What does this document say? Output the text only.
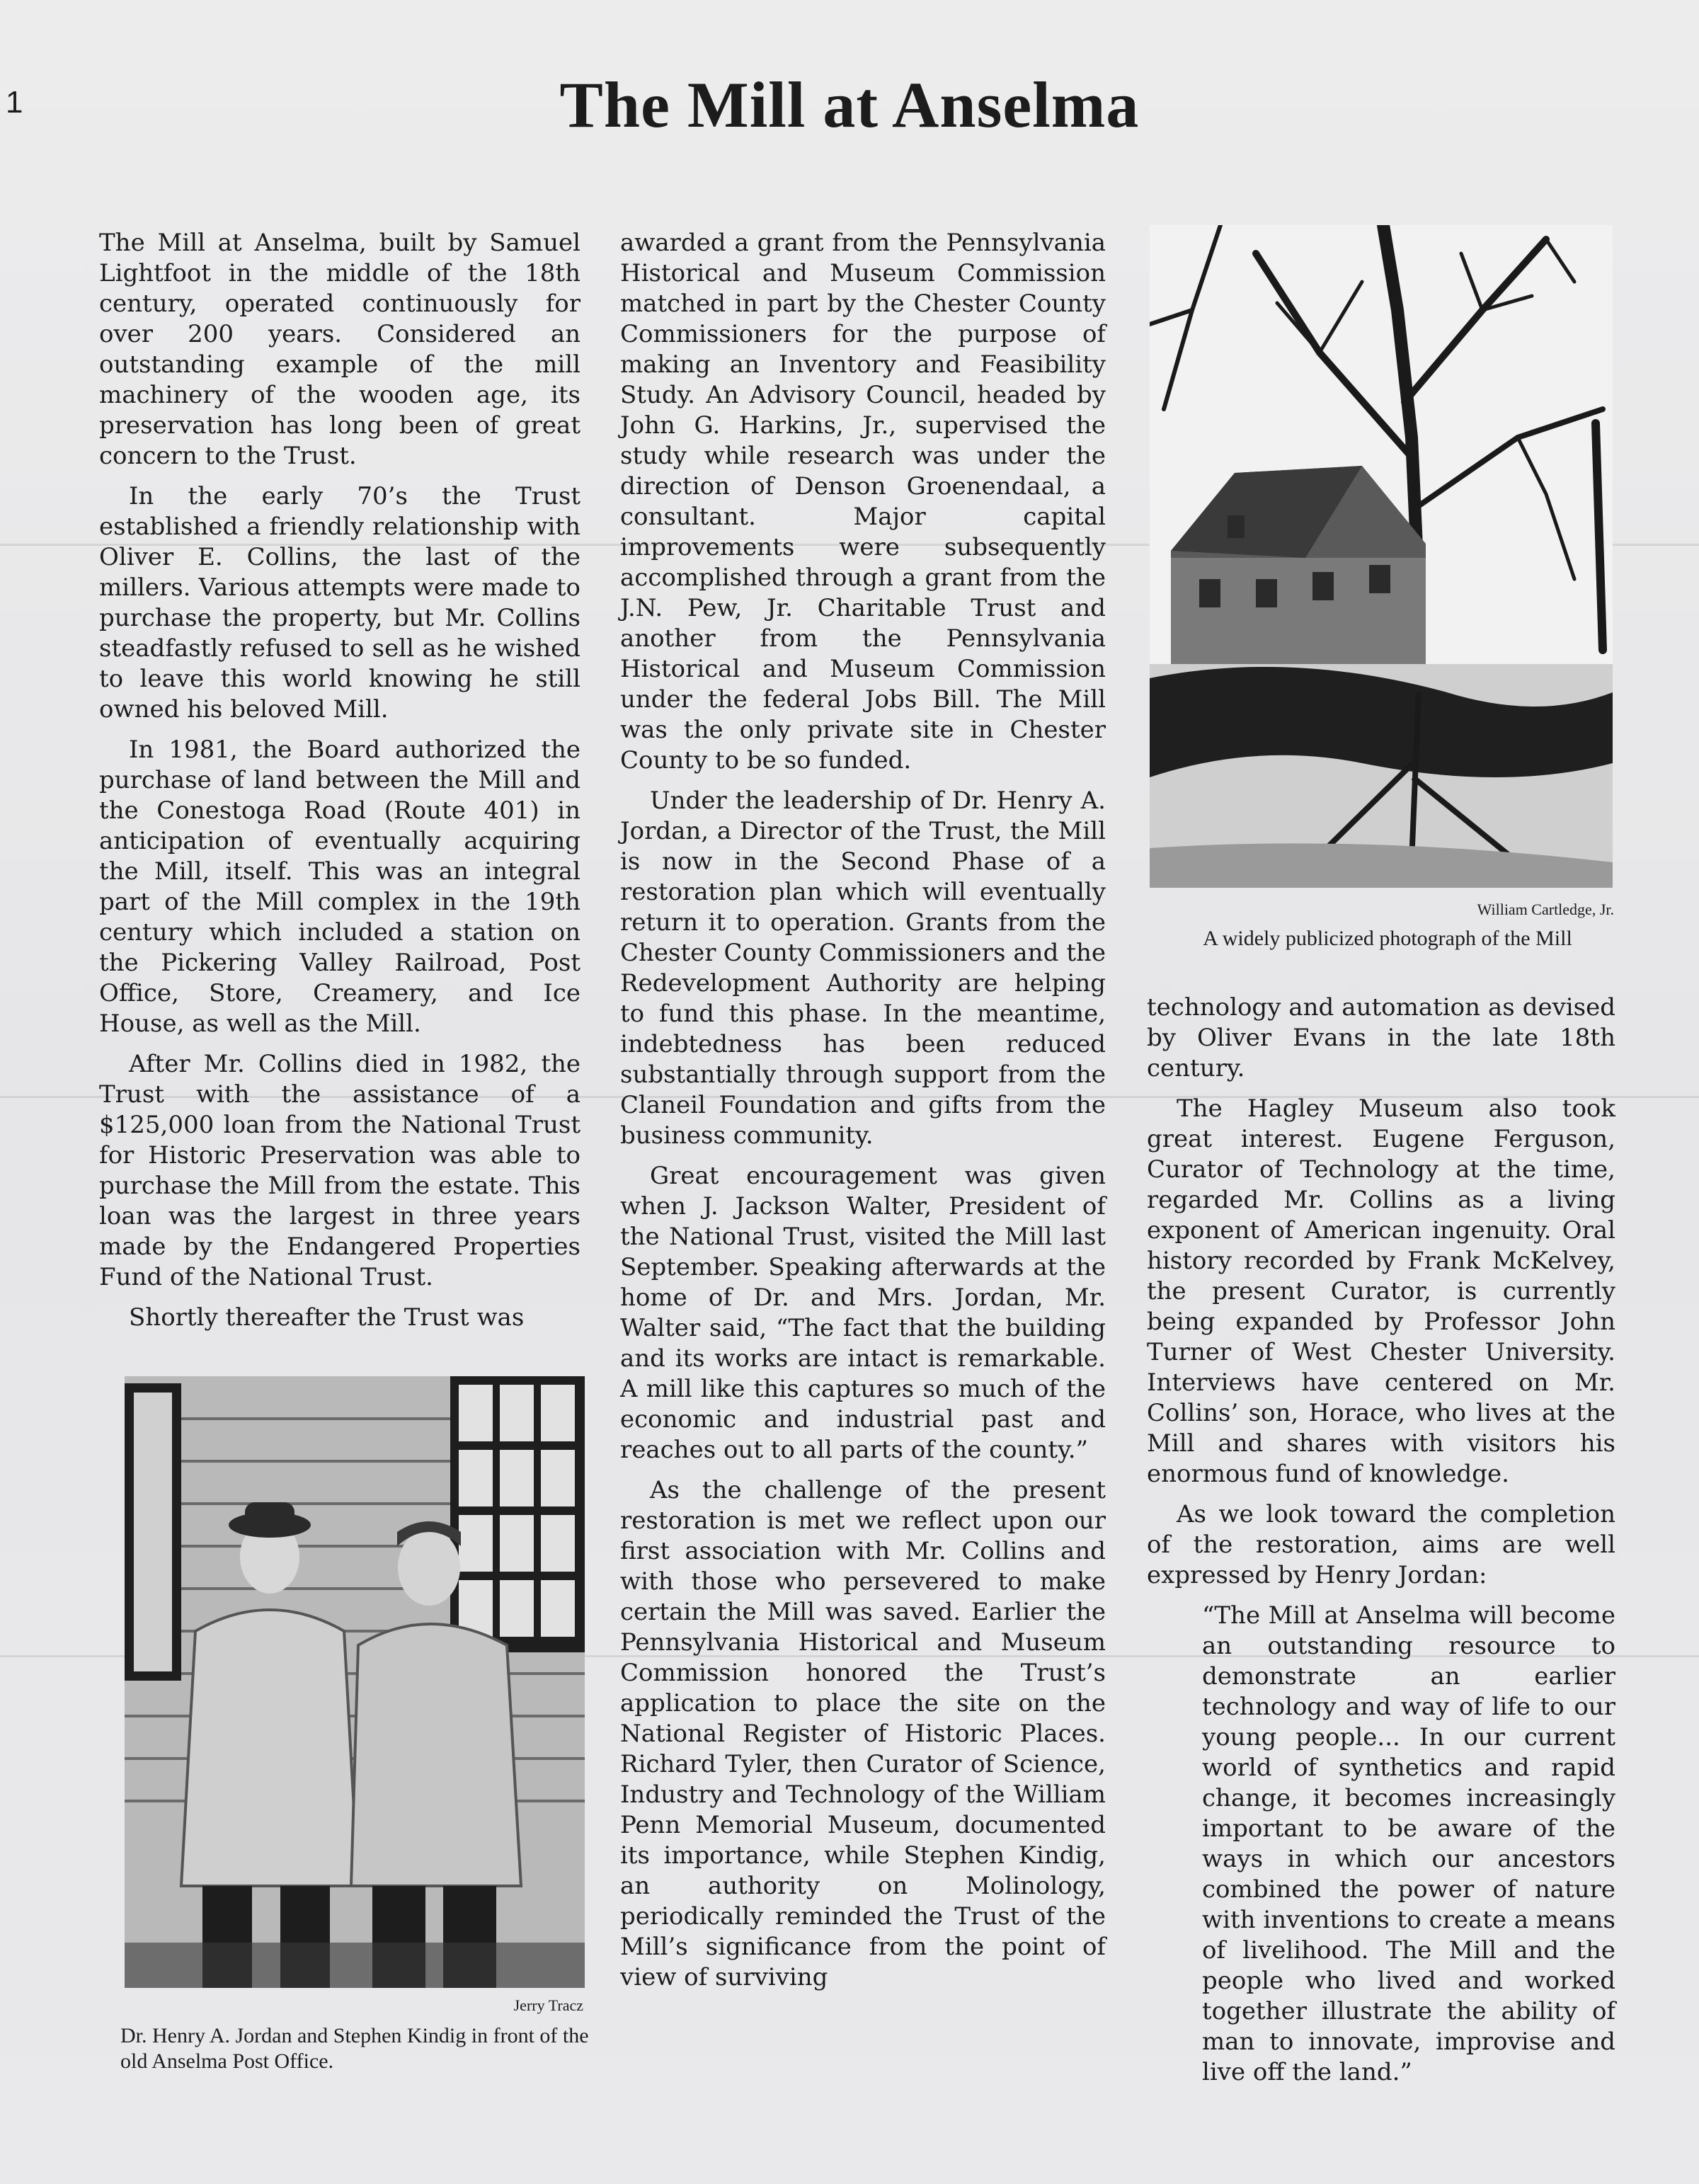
1	The Mill at Anselma

The Mill at Anselma, built by Samuel Lightfoot in the middle of the 18th century, operated continuously for over 200 years. Considered an outstanding example of the mill machinery of the wooden age, its preservation has long been of great concern to the Trust.

In the early 70’s the Trust established a friendly relationship with Oliver E. Collins, the last of the millers. Various attempts were made to purchase the property, but Mr. Collins steadfastly refused to sell as he wished to leave this world knowing he still owned his beloved Mill.

In 1981, the Board authorized the purchase of land between the Mill and the Conestoga Road (Route 401) in anticipation of eventually acquiring the Mill, itself. This was an integral part of the Mill complex in the 19th century which included a station on the Pickering Valley Railroad, Post Office, Store, Creamery, and Ice House, as well as the Mill.

After Mr. Collins died in 1982, the Trust with the assistance of a $125,000 loan from the National Trust for Historic Preservation was able to purchase the Mill from the estate. This loan was the largest in three years made by the Endangered Properties Fund of the National Trust.

Shortly thereafter the Trust was

Jerry Tracz
Dr. Henry A. Jordan and Stephen Kindig in front of the old Anselma Post Office.

awarded a grant from the Pennsylvania Historical and Museum Commission matched in part by the Chester County Commissioners for the purpose of making an Inventory and Feasibility Study. An Advisory Council, headed by John G. Harkins, Jr., supervised the study while research was under the direction of Denson Groenendaal, a consultant. Major capital improvements were subsequently accomplished through a grant from the J.N. Pew, Jr. Charitable Trust and another from the Pennsylvania Historical and Museum Commission under the federal Jobs Bill. The Mill was the only private site in Chester County to be so funded.

Under the leadership of Dr. Henry A. Jordan, a Director of the Trust, the Mill is now in the Second Phase of a restoration plan which will eventually return it to operation. Grants from the Chester County Commissioners and the Redevelopment Authority are helping to fund this phase. In the meantime, indebtedness has been reduced substantially through support from the Claneil Foundation and gifts from the business community.

Great encouragement was given when J. Jackson Walter, President of the National Trust, visited the Mill last September. Speaking afterwards at the home of Dr. and Mrs. Jordan, Mr. Walter said, “The fact that the building and its works are intact is remarkable. A mill like this captures so much of the economic and industrial past and reaches out to all parts of the county.”

As the challenge of the present restoration is met we reflect upon our first association with Mr. Collins and with those who persevered to make certain the Mill was saved. Earlier the Pennsylvania Historical and Museum Commission honored the Trust’s application to place the site on the National Register of Historic Places. Richard Tyler, then Curator of Science, Industry and Technology of the William Penn Memorial Museum, documented its importance, while Stephen Kindig, an authority on Molinology, periodically reminded the Trust of the Mill’s significance from the point of view of surviving

William Cartledge, Jr.
A widely publicized photograph of the Mill

technology and automation as devised by Oliver Evans in the late 18th century.

The Hagley Museum also took great interest. Eugene Ferguson, Curator of Technology at the time, regarded Mr. Collins as a living exponent of American ingenuity. Oral history recorded by Frank McKelvey, the present Curator, is currently being expanded by Professor John Turner of West Chester University. Interviews have centered on Mr. Collins’ son, Horace, who lives at the Mill and shares with visitors his enormous fund of knowledge.

As we look toward the completion of the restoration, aims are well expressed by Henry Jordan:

“The Mill at Anselma will become an outstanding resource to demonstrate an earlier technology and way of life to our young people... In our current world of synthetics and rapid change, it becomes increasingly important to be aware of the ways in which our ancestors combined the power of nature with inventions to create a means of livelihood. The Mill and the people who lived and worked together illustrate the ability of man to innovate, improvise and live off the land.”
